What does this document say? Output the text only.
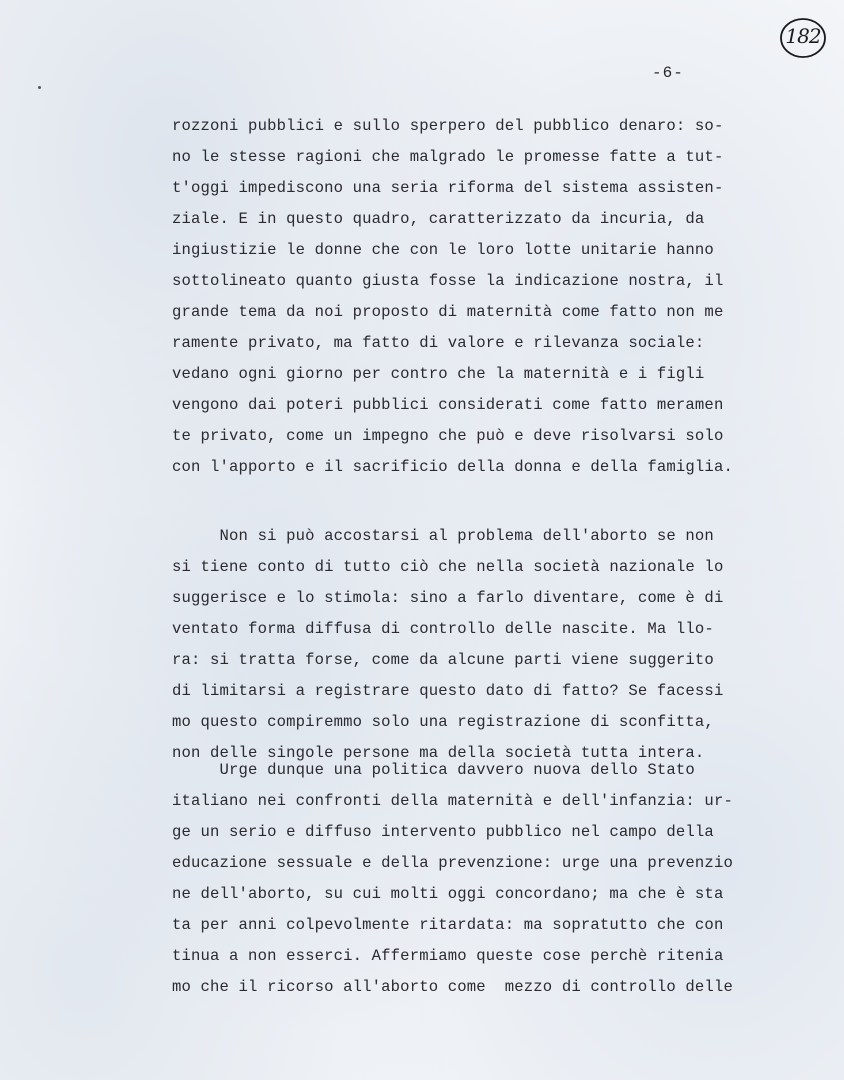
182
-6-
rozzoni pubblici e sullo sperpero del pubblico denaro: so-
no le stesse ragioni che malgrado le promesse fatte a tut-
t'oggi impediscono una seria riforma del sistema assisten-
ziale. E in questo quadro, caratterizzato da incuria, da
ingiustizie le donne che con le loro lotte unitarie hanno
sottolineato quanto giusta fosse la indicazione nostra, il
grande tema da noi proposto di maternità come fatto non me
ramente privato, ma fatto di valore e rilevanza sociale:
vedano ogni giorno per contro che la maternità e i figli
vengono dai poteri pubblici considerati come fatto meramen
te privato, come un impegno che può e deve risolvarsi solo
con l'apporto e il sacrificio della donna e della famiglia.
Non si può accostarsi al problema dell'aborto se non
si tiene conto di tutto ciò che nella società nazionale lo
suggerisce e lo stimola: sino a farlo diventare, come è di
ventato forma diffusa di controllo delle nascite. Ma llo-
ra: si tratta forse, come da alcune parti viene suggerito
di limitarsi a registrare questo dato di fatto? Se facessi
mo questo compiremmo solo una registrazione di sconfitta,
non delle singole persone ma della società tutta intera.
Urge dunque una politica davvero nuova dello Stato
italiano nei confronti della maternità e dell'infanzia: ur-
ge un serio e diffuso intervento pubblico nel campo della
educazione sessuale e della prevenzione: urge una prevenzio
ne dell'aborto, su cui molti oggi concordano; ma che è sta
ta per anni colpevolmente ritardata: ma sopratutto che con
tinua a non esserci. Affermiamo queste cose perchè riteniа
mo che il ricorso all'aborto come  mezzo di controllo delle
